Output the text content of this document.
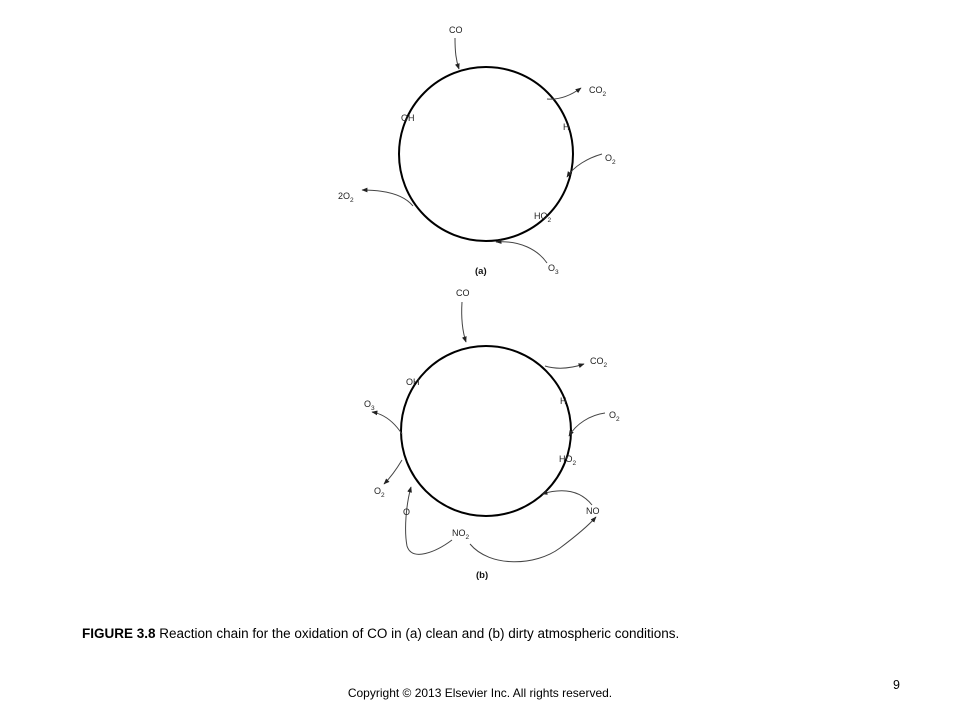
CO
$CO_2$
OH
H
$O_2$
$HO_2$
$2O_2$
$O_3$
(a)
CO
$CO_2$
OH
H
$O_2$
$HO_2$
$O_3$
$O_2$
O
$NO_2$
NO
(b)
FIGURE 3.8 Reaction chain for the oxidation of CO in (a) clean and (b) dirty atmospheric conditions.
Copyright © 2013 Elsevier Inc. All rights reserved.
9
